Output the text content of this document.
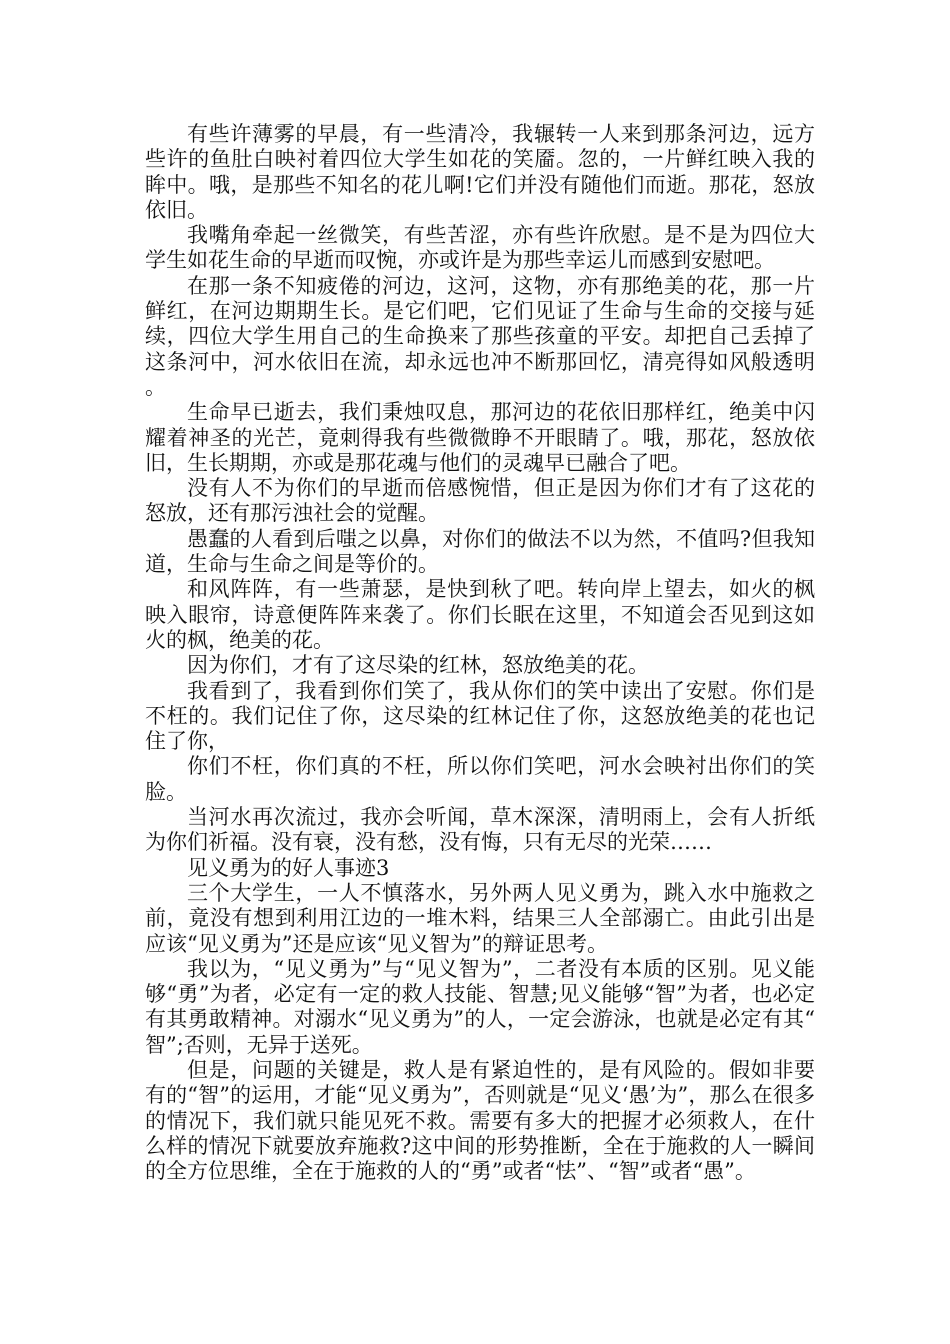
有些许薄雾的早晨，有一些清冷，我辗转一人来到那条河边，远方些许的鱼肚白映衬着四位大学生如花的笑靥。忽的，一片鲜红映入我的眸中。哦，是那些不知名的花儿啊!它们并没有随他们而逝。那花，怒放依旧。

我嘴角牵起一丝微笑，有些苦涩，亦有些许欣慰。是不是为四位大学生如花生命的早逝而叹惋，亦或许是为那些幸运儿而感到安慰吧。

在那一条不知疲倦的河边，这河，这物，亦有那绝美的花，那一片鲜红，在河边期期生长。是它们吧，它们见证了生命与生命的交接与延续，四位大学生用自己的生命换来了那些孩童的平安。却把自己丢掉了这条河中，河水依旧在流，却永远也冲不断那回忆，清亮得如风般透明。

生命早已逝去，我们秉烛叹息，那河边的花依旧那样红，绝美中闪耀着神圣的光芒，竟刺得我有些微微睁不开眼睛了。哦，那花，怒放依旧，生长期期，亦或是那花魂与他们的灵魂早已融合了吧。

没有人不为你们的早逝而倍感惋惜，但正是因为你们才有了这花的怒放，还有那污浊社会的觉醒。

愚蠢的人看到后嗤之以鼻，对你们的做法不以为然，不值吗?但我知道，生命与生命之间是等价的。

和风阵阵，有一些萧瑟，是快到秋了吧。转向岸上望去，如火的枫映入眼帘，诗意便阵阵来袭了。你们长眠在这里，不知道会否见到这如火的枫，绝美的花。

因为你们，才有了这尽染的红林，怒放绝美的花。

我看到了，我看到你们笑了，我从你们的笑中读出了安慰。你们是不枉的。我们记住了你，这尽染的红林记住了你，这怒放绝美的花也记住了你，

你们不枉，你们真的不枉，所以你们笑吧，河水会映衬出你们的笑脸。

当河水再次流过，我亦会听闻，草木深深，清明雨上，会有人折纸为你们祈福。没有衰，没有愁，没有悔，只有无尽的光荣……

见义勇为的好人事迹3

三个大学生，一人不慎落水，另外两人见义勇为，跳入水中施救之前，竟没有想到利用江边的一堆木料，结果三人全部溺亡。由此引出是应该“见义勇为”还是应该“见义智为”的辩证思考。

我以为，“见义勇为”与“见义智为”，二者没有本质的区别。见义能够“勇”为者，必定有一定的救人技能、智慧;见义能够“智”为者，也必定有其勇敢精神。对溺水“见义勇为”的人，一定会游泳，也就是必定有其“智”;否则，无异于送死。

但是，问题的关键是，救人是有紧迫性的，是有风险的。假如非要有的“智”的运用，才能“见义勇为”，否则就是“见义‘愚’为”，那么在很多的情况下，我们就只能见死不救。需要有多大的把握才必须救人，在什么样的情况下就要放弃施救?这中间的形势推断，全在于施救的人一瞬间的全方位思维，全在于施救的人的“勇”或者“怯”、“智”或者“愚”。
